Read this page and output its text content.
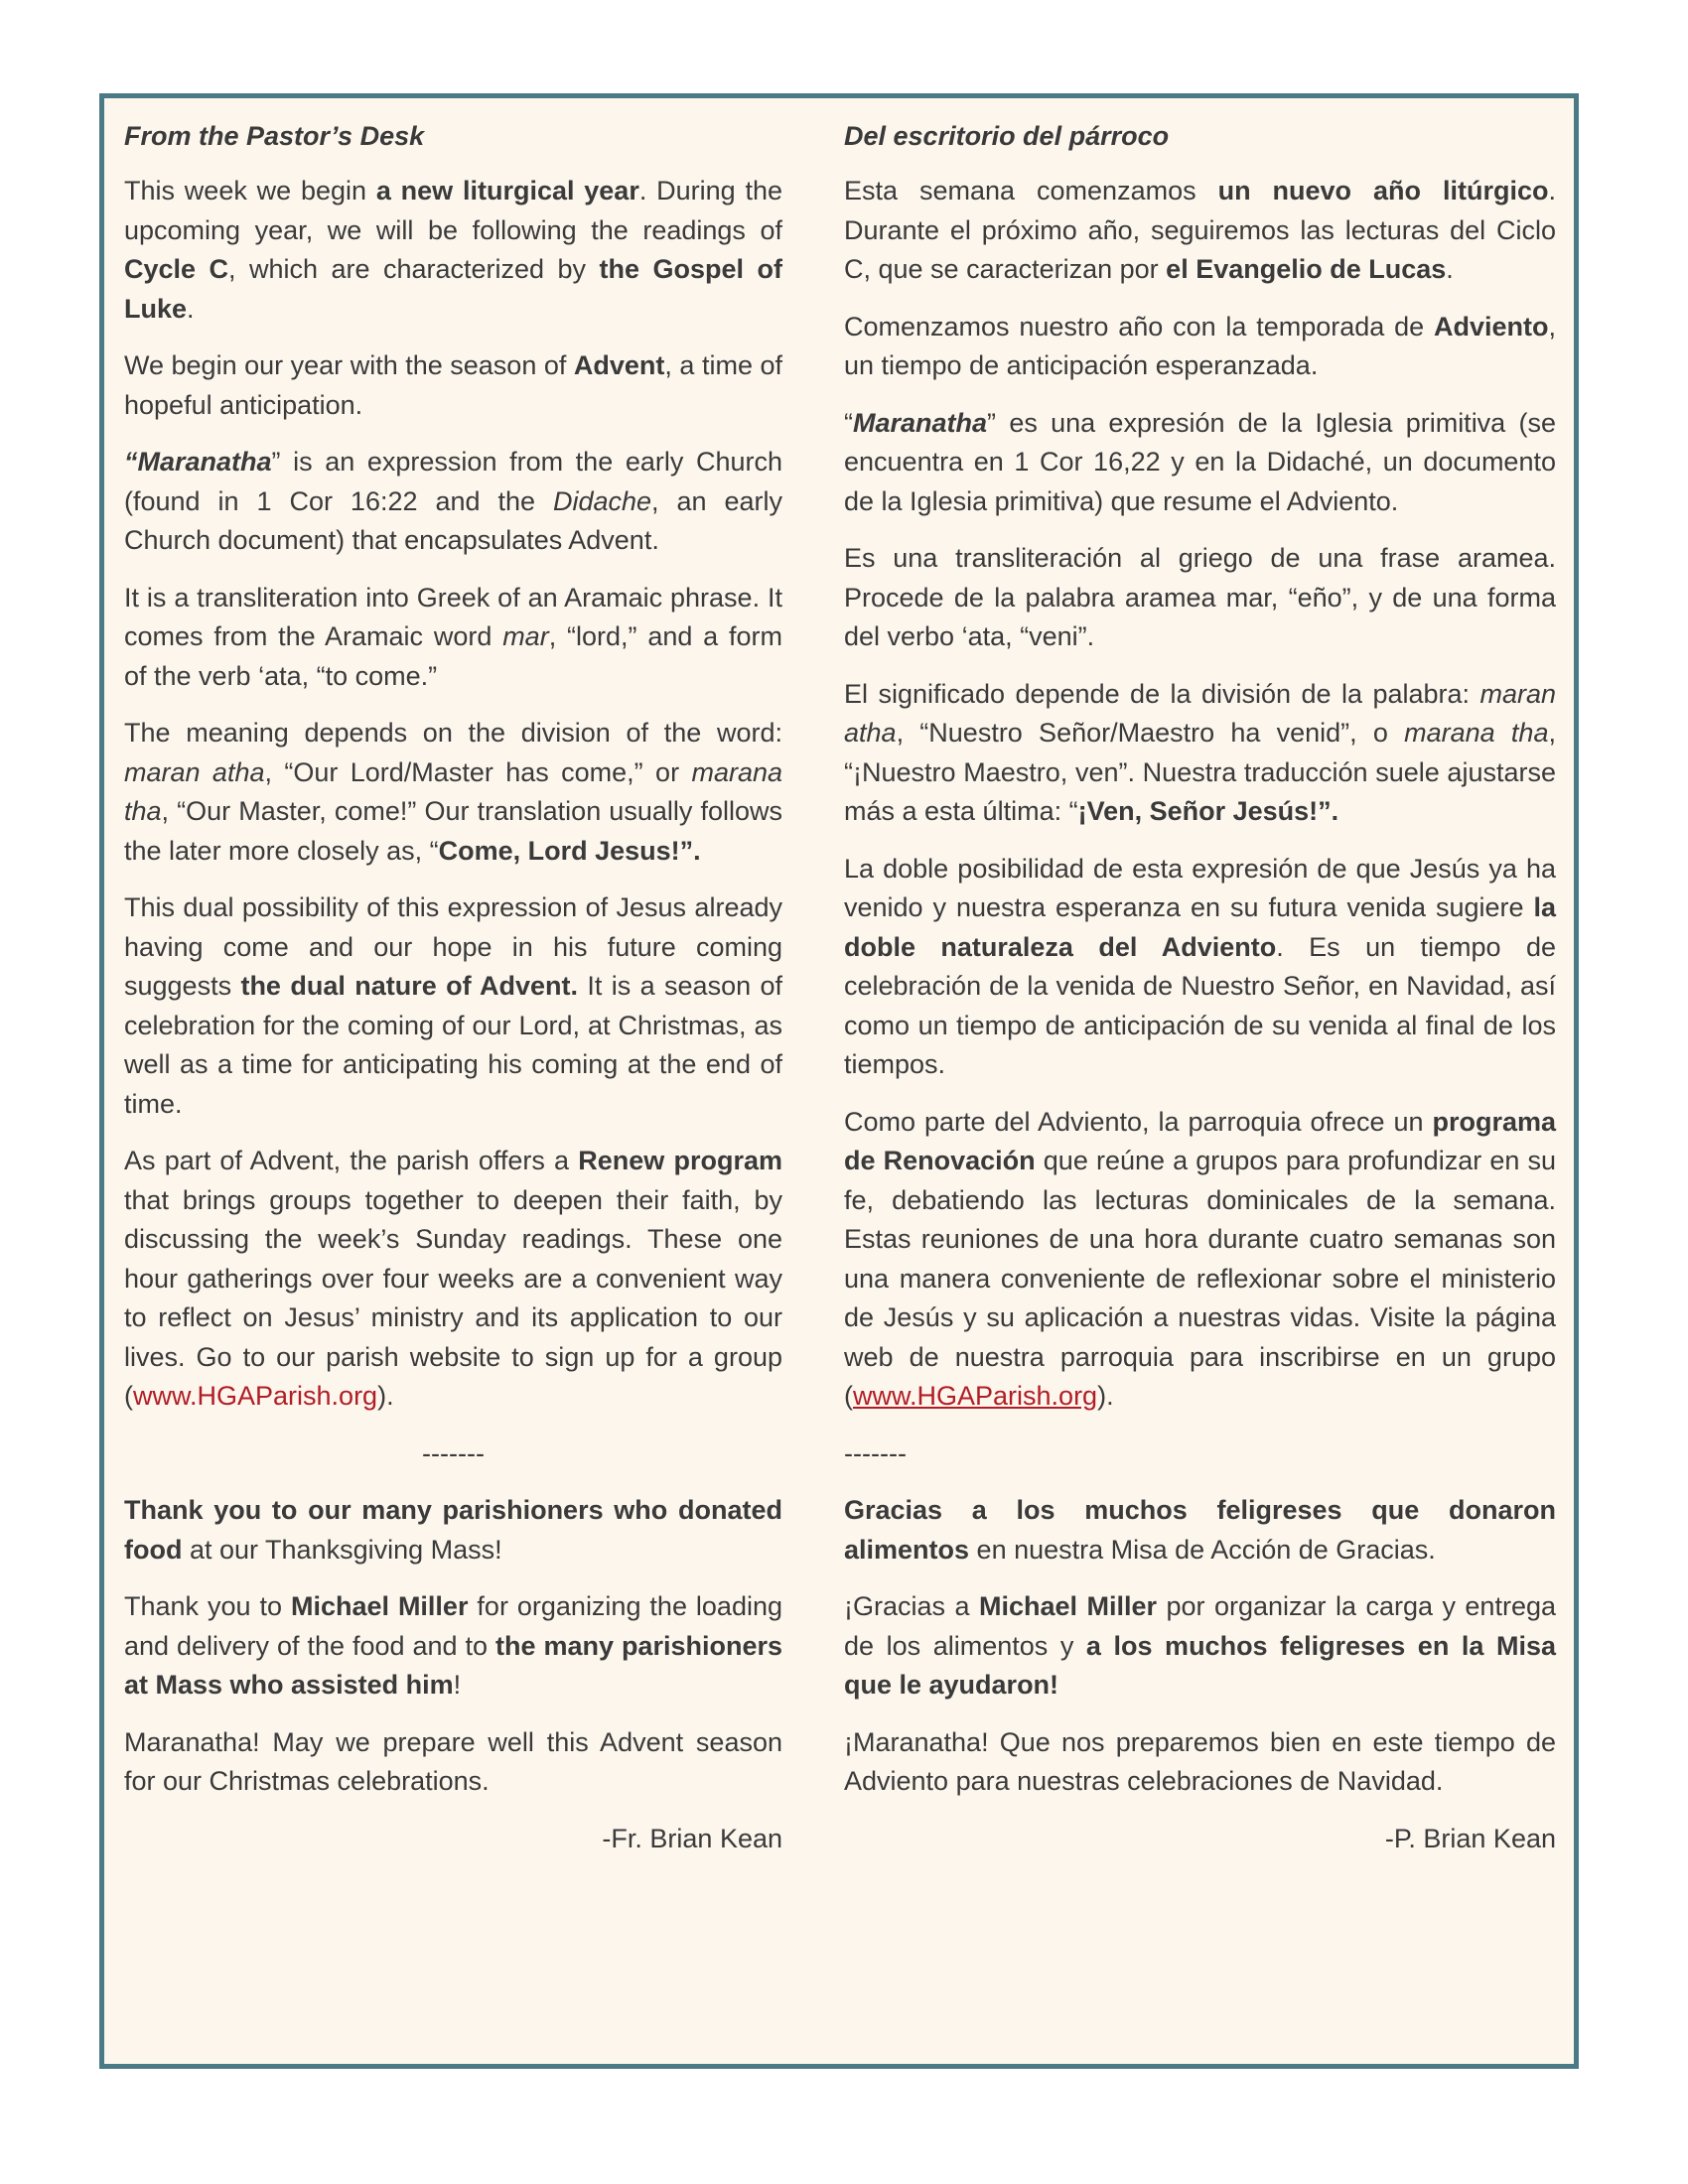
From the Pastor’s Desk

This week we begin a new liturgical year. During the upcoming year, we will be following the readings of Cycle C, which are characterized by the Gospel of Luke.

We begin our year with the season of Advent, a time of hopeful anticipation.

“Maranatha” is an expression from the early Church (found in 1 Cor 16:22 and the Didache, an early Church document) that encapsulates Advent.

It is a transliteration into Greek of an Aramaic phrase. It comes from the Aramaic word mar, “lord,” and a form of the verb ‘ata, “to come.”

The meaning depends on the division of the word: maran atha, “Our Lord/Master has come,” or marana tha, “Our Master, come!” Our translation usually follows the later more closely as, “Come, Lord Jesus!”.

This dual possibility of this expression of Jesus already having come and our hope in his future coming suggests the dual nature of Advent. It is a season of celebration for the coming of our Lord, at Christmas, as well as a time for anticipating his coming at the end of time.

As part of Advent, the parish offers a Renew program that brings groups together to deepen their faith, by discussing the week’s Sunday readings. These one hour gatherings over four weeks are a convenient way to reflect on Jesus’ ministry and its application to our lives. Go to our parish website to sign up for a group (www.HGAParish.org).

-------

Thank you to our many parishioners who donated food at our Thanksgiving Mass!

Thank you to Michael Miller for organizing the loading and delivery of the food and to the many parishioners at Mass who assisted him!

Maranatha! May we prepare well this Advent season for our Christmas celebrations.

-Fr. Brian Kean

Del escritorio del párroco

Esta semana comenzamos un nuevo año litúrgico. Durante el próximo año, seguiremos las lecturas del Ciclo C, que se caracterizan por el Evangelio de Lucas.

Comenzamos nuestro año con la temporada de Adviento, un tiempo de anticipación esperanzada.

“Maranatha” es una expresión de la Iglesia primitiva (se encuentra en 1 Cor 16,22 y en la Didaché, un documento de la Iglesia primitiva) que resume el Adviento.

Es una transliteración al griego de una frase aramea. Procede de la palabra aramea mar, “eño”, y de una forma del verbo ‘ata, “veni”.

El significado depende de la división de la palabra: maran atha, “Nuestro Señor/Maestro ha venid”, o marana tha, “¡Nuestro Maestro, ven”. Nuestra traducción suele ajustarse más a esta última: “¡Ven, Señor Jesús!”.

La doble posibilidad de esta expresión de que Jesús ya ha venido y nuestra esperanza en su futura venida sugiere la doble naturaleza del Adviento. Es un tiempo de celebración de la venida de Nuestro Señor, en Navidad, así como un tiempo de anticipación de su venida al final de los tiempos.

Como parte del Adviento, la parroquia ofrece un programa de Renovación que reúne a grupos para profundizar en su fe, debatiendo las lecturas dominicales de la semana. Estas reuniones de una hora durante cuatro semanas son una manera conveniente de reflexionar sobre el ministerio de Jesús y su aplicación a nuestras vidas. Visite la página web de nuestra parroquia para inscribirse en un grupo (www.HGAParish.org).

-------

Gracias a los muchos feligreses que donaron alimentos en nuestra Misa de Acción de Gracias.

¡Gracias a Michael Miller por organizar la carga y entrega de los alimentos y a los muchos feligreses en la Misa que le ayudaron!

¡Maranatha! Que nos preparemos bien en este tiempo de Adviento para nuestras celebraciones de Navidad.

-P. Brian Kean
